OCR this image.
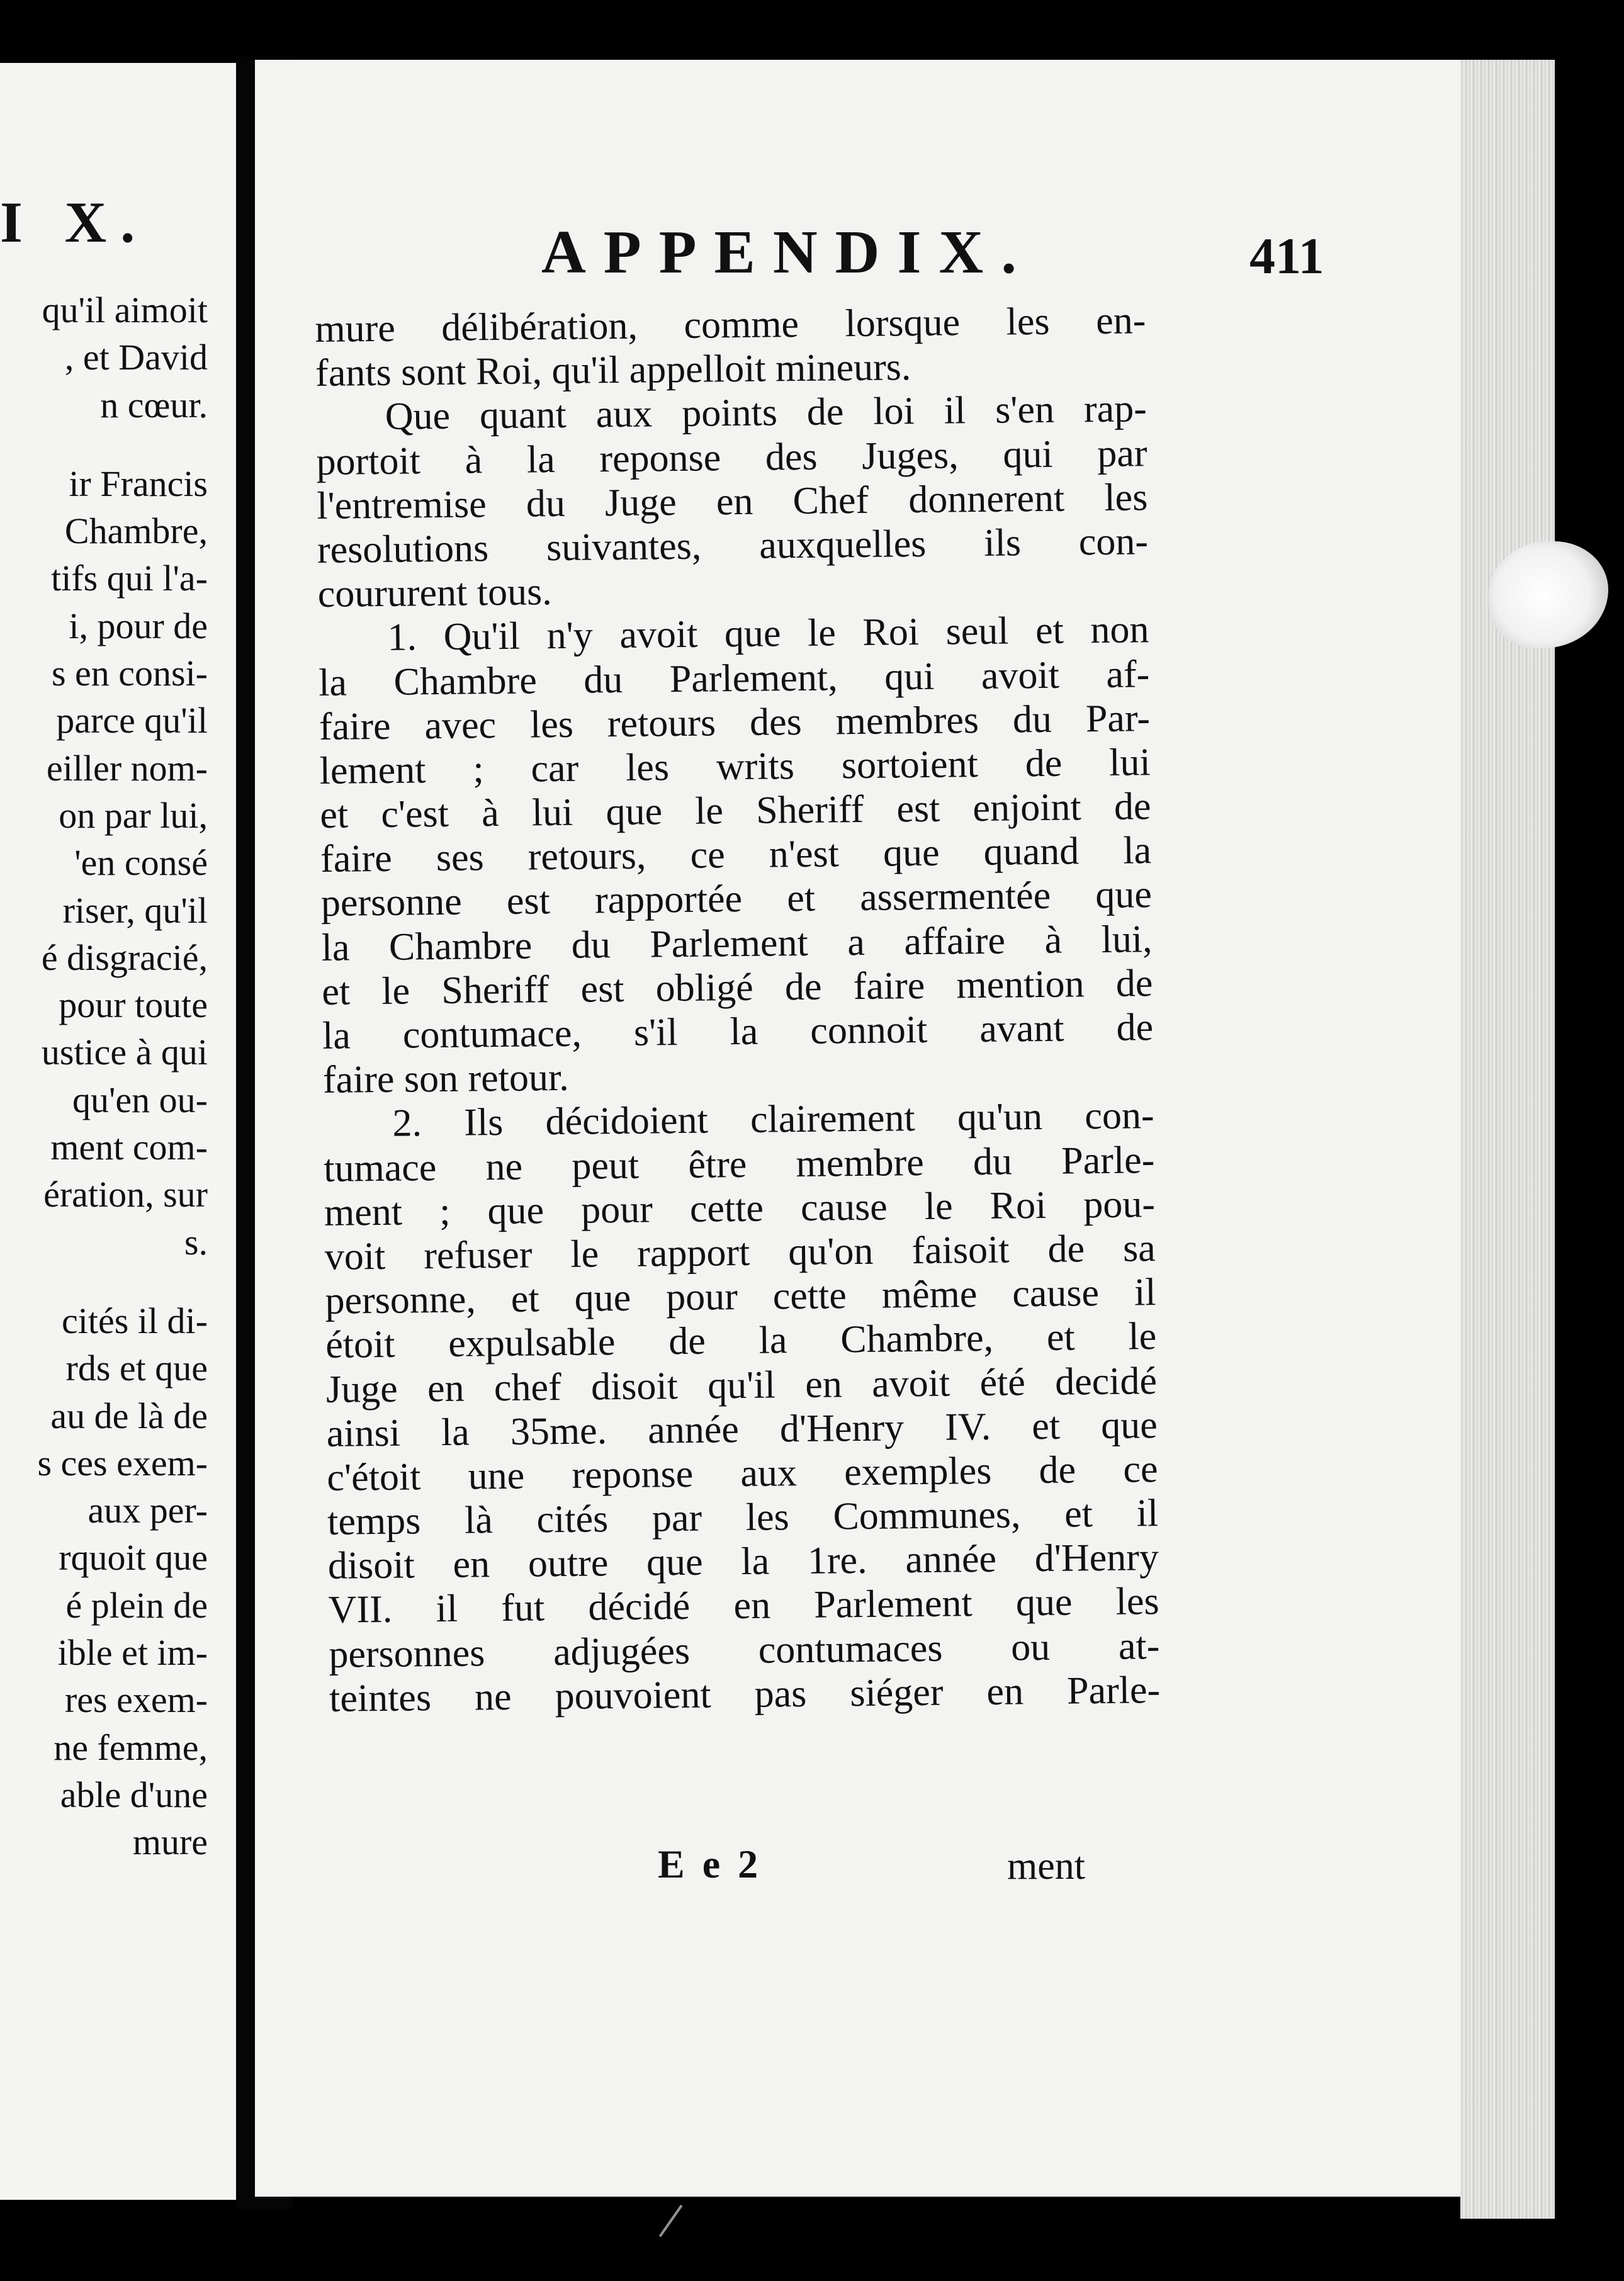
I X.
qu'il aimoit
, et David
n cœur.
ir Francis
Chambre,
tifs qui l'a-
i, pour de
s en consi-
parce qu'il
eiller nom-
on par lui,
'en consé
riser, qu'il
é disgracié,
pour toute
ustice à qui
qu'en ou-
ment com-
ération, sur
s.
cités il di-
rds et que
au de là de
s ces exem-
aux per-
rquoit que
é plein de
ible et im-
res exem-
ne femme,
able d'une
mure
APPENDIX.	411
mure délibération, comme lorsque les en-
fants sont Roi, qu'il appelloit mineurs.
Que quant aux points de loi il s'en rap-
portoit à la reponse des Juges, qui par
l'entremise du Juge en Chef donnerent les
resolutions suivantes, auxquelles ils con-
coururent tous.
1. Qu'il n'y avoit que le Roi seul et non
la Chambre du Parlement, qui avoit af-
faire avec les retours des membres du Par-
lement ; car les writs sortoient de lui
et c'est à lui que le Sheriff est enjoint de
faire ses retours, ce n'est que quand la
personne est rapportée et assermentée que
la Chambre du Parlement a affaire à lui,
et le Sheriff est obligé de faire mention de
la contumace, s'il la connoit avant de
faire son retour.
2. Ils décidoient clairement qu'un con-
tumace ne peut être membre du Parle-
ment ; que pour cette cause le Roi pou-
voit refuser le rapport qu'on faisoit de sa
personne, et que pour cette même cause il
étoit expulsable de la Chambre, et le
Juge en chef disoit qu'il en avoit été decidé
ainsi la 35me. année d'Henry IV. et que
c'étoit une reponse aux exemples de ce
temps là cités par les Communes, et il
disoit en outre que la 1re. année d'Henry
VII. il fut décidé en Parlement que les
personnes adjugées contumaces ou at-
teintes ne pouvoient pas siéger en Parle-
E e 2	ment
